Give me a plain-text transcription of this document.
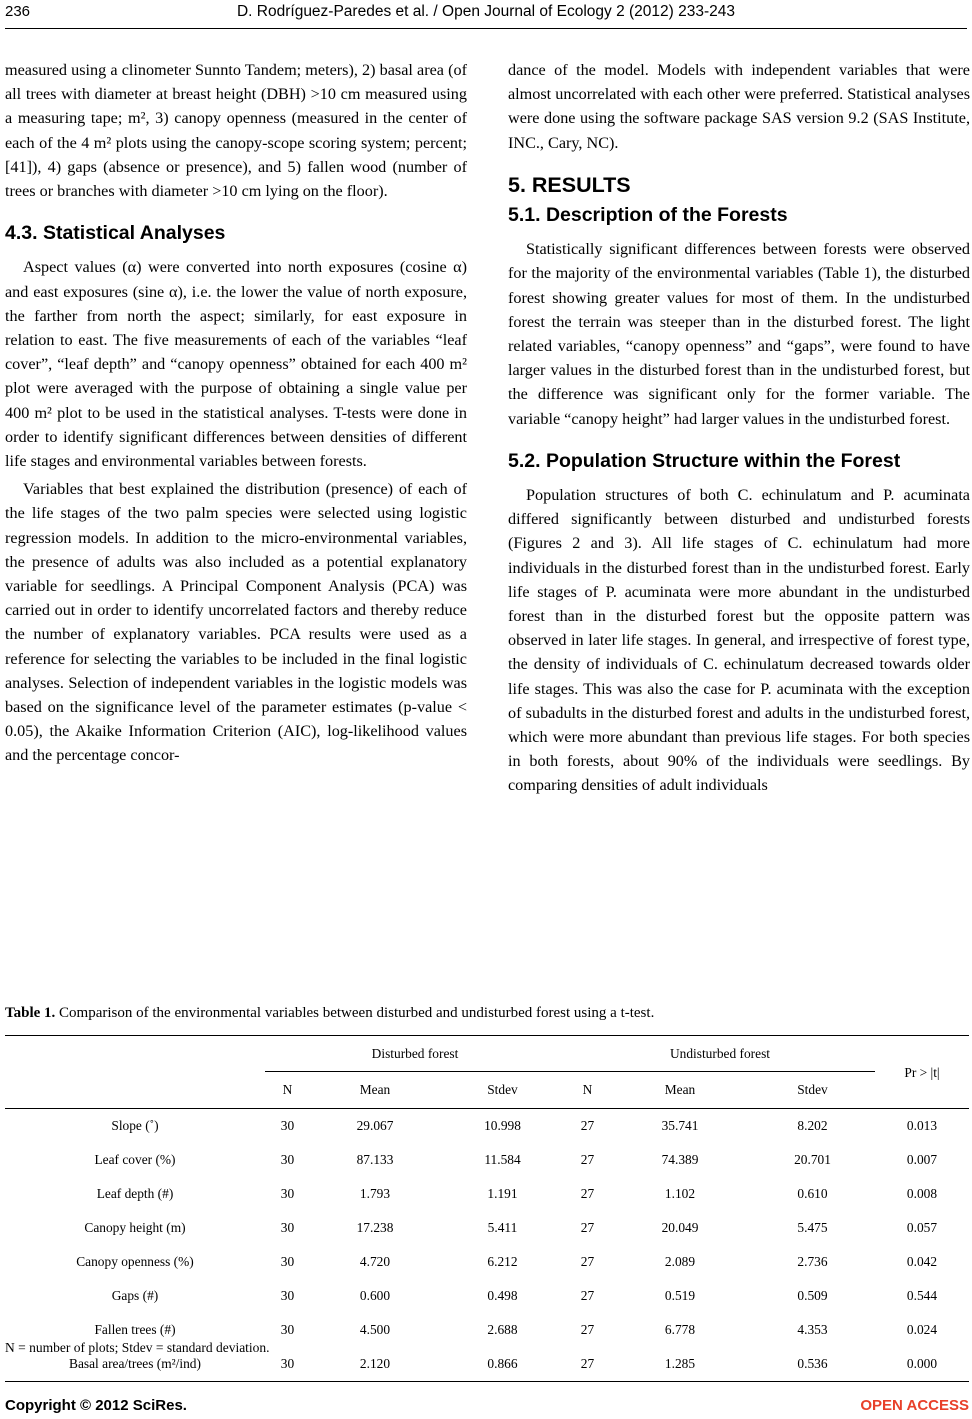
236	D. Rodríguez-Paredes et al. / Open Journal of Ecology 2 (2012) 233-243

measured using a clinometer Sunnto Tandem; meters), 2) basal area (of all trees with diameter at breast height (DBH) >10 cm measured using a measuring tape; m², 3) canopy openness (measured in the center of each of the 4 m² plots using the canopy-scope scoring system; percent; [41]), 4) gaps (absence or presence), and 5) fallen wood (number of trees or branches with diameter >10 cm lying on the floor).

4.3. Statistical Analyses

Aspect values (α) were converted into north exposures (cosine α) and east exposures (sine α), i.e. the lower the value of north exposure, the farther from north the aspect; similarly, for east exposure in relation to east. The five measurements of each of the variables “leaf cover”, “leaf depth” and “canopy openness” obtained for each 400 m² plot were averaged with the purpose of obtaining a single value per 400 m² plot to be used in the statistical analyses. T-tests were done in order to identify significant differences between densities of different life stages and environmental variables between forests.

Variables that best explained the distribution (presence) of each of the life stages of the two palm species were selected using logistic regression models. In addition to the micro-environmental variables, the presence of adults was also included as a potential explanatory variable for seedlings. A Principal Component Analysis (PCA) was carried out in order to identify uncorrelated factors and thereby reduce the number of explanatory variables. PCA results were used as a reference for selecting the variables to be included in the final logistic analyses. Selection of independent variables in the logistic models was based on the significance level of the parameter estimates (p-value < 0.05), the Akaike Information Criterion (AIC), log-likelihood values and the percentage concor-

dance of the model. Models with independent variables that were almost uncorrelated with each other were preferred. Statistical analyses were done using the software package SAS version 9.2 (SAS Institute, INC., Cary, NC).

5. RESULTS
5.1. Description of the Forests

Statistically significant differences between forests were observed for the majority of the environmental variables (Table 1), the disturbed forest showing greater values for most of them. In the undisturbed forest the terrain was steeper than in the disturbed forest. The light related variables, “canopy openness” and “gaps”, were found to have larger values in the disturbed forest than in the undisturbed forest, but the difference was significant only for the former variable. The variable “canopy height” had larger values in the undisturbed forest.

5.2. Population Structure within the Forest

Population structures of both C. echinulatum and P. acuminata differed significantly between disturbed and undisturbed forests (Figures 2 and 3). All life stages of C. echinulatum had more individuals in the disturbed forest than in the undisturbed forest. Early life stages of P. acuminata were more abundant in the undisturbed forest than in the disturbed forest but the opposite pattern was observed in later life stages. In general, and irrespective of forest type, the density of individuals of C. echinulatum decreased towards older life stages. This was also the case for P. acuminata with the exception of subadults in the disturbed forest and adults in the undisturbed forest, which were more abundant than previous life stages. For both species in both forests, about 90% of the individuals were seedlings. By comparing densities of adult individuals

Table 1. Comparison of the environmental variables between disturbed and undisturbed forest using a t-test.
	Disturbed forest			Undisturbed forest			Pr > |t|
	N	Mean	Stdev	N	Mean	Stdev	
Slope (˚)	30	29.067	10.998	27	35.741	8.202	0.013
Leaf cover (%)	30	87.133	11.584	27	74.389	20.701	0.007
Leaf depth (#)	30	1.793	1.191	27	1.102	0.610	0.008
Canopy height (m)	30	17.238	5.411	27	20.049	5.475	0.057
Canopy openness (%)	30	4.720	6.212	27	2.089	2.736	0.042
Gaps (#)	30	0.600	0.498	27	0.519	0.509	0.544
Fallen trees (#)	30	4.500	2.688	27	6.778	4.353	0.024
Basal area/trees (m²/ind)	30	2.120	0.866	27	1.285	0.536	0.000
N = number of plots; Stdev = standard deviation.
Copyright © 2012 SciRes.	OPEN ACCESS
